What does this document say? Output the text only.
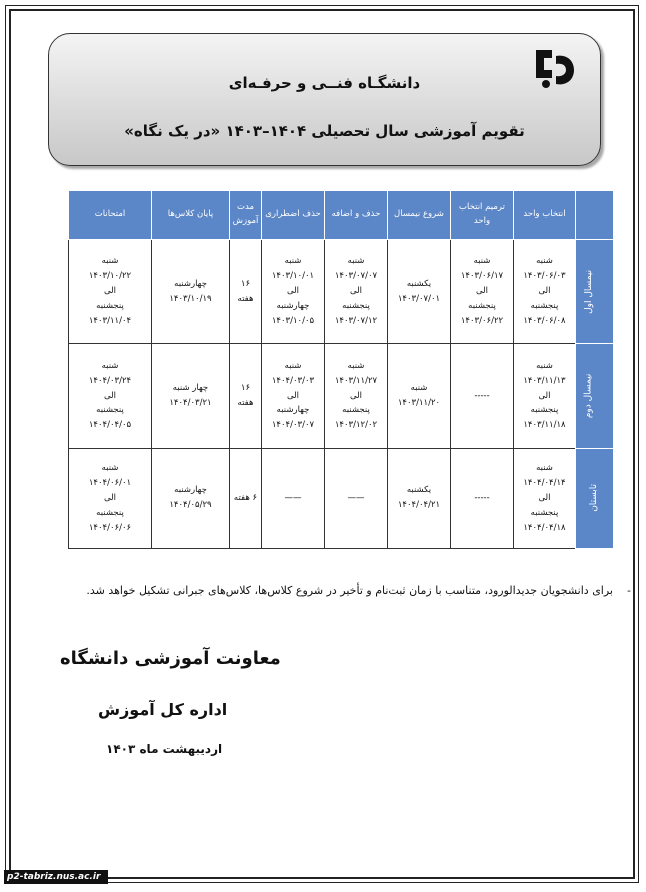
دانشگـاه فنــی و حرفـه‌ای
تقویم آموزشی سال تحصیلی ۱۴۰۴–۱۴۰۳ «در یک نگاه»
	انتخاب واحد	ترمیم انتخاب واحد	شروع نیمسال	حذف و اضافه	حذف اضطراری	مدت آموزش	پایان کلاس‌ها	امتحانات
نیمسال اول	شنبه
۱۴۰۳/۰۶/۰۳
الی
پنجشنبه
۱۴۰۳/۰۶/۰۸	شنبه
۱۴۰۳/۰۶/۱۷
الی
پنجشنبه
۱۴۰۳/۰۶/۲۲	یکشنبه
۱۴۰۳/۰۷/۰۱	شنبه
۱۴۰۳/۰۷/۰۷
الی
پنجشنبه
۱۴۰۳/۰۷/۱۲	شنبه
۱۴۰۳/۱۰/۰۱
الی
چهارشنبه
۱۴۰۳/۱۰/۰۵	۱۶
هفته	چهارشنبه
۱۴۰۳/۱۰/۱۹	شنبه
۱۴۰۳/۱۰/۲۲
الی
پنجشنبه
۱۴۰۳/۱۱/۰۴

نیمسال دوم	شنبه
۱۴۰۳/۱۱/۱۳
الی
پنجشنبه
۱۴۰۳/۱۱/۱۸	-----	شنبه
۱۴۰۳/۱۱/۲۰	شنبه
۱۴۰۳/۱۱/۲۷
الی
پنجشنبه
۱۴۰۳/۱۲/۰۲	شنبه
۱۴۰۴/۰۳/۰۳
الی
چهارشنبه
۱۴۰۴/۰۳/۰۷	۱۶
هفته	چهار شنبه
۱۴۰۴/۰۳/۲۱	شنبه
۱۴۰۴/۰۳/۲۴
الی
پنجشنبه
۱۴۰۴/۰۴/۰۵

تابستان	شنبه
۱۴۰۴/۰۴/۱۴
الی
پنجشنبه
۱۴۰۴/۰۴/۱۸	-----	یکشنبه
۱۴۰۴/۰۴/۲۱	——	——	۶ هفته	چهارشنبه
۱۴۰۴/۰۵/۲۹	شنبه
۱۴۰۴/۰۶/۰۱
الی
پنجشنبه
۱۴۰۴/۰۶/۰۶
-
برای دانشجویان جدیدالورود، متناسب با زمان ثبت‌نام و تأخیر در شروع کلاس‌ها، کلاس‌های جبرانی تشکیل خواهد شد.
معاونت آموزشی دانشگاه
اداره کل آموزش
اردیبهشت ماه ۱۴۰۳
p2-tabriz.nus.ac.ir
